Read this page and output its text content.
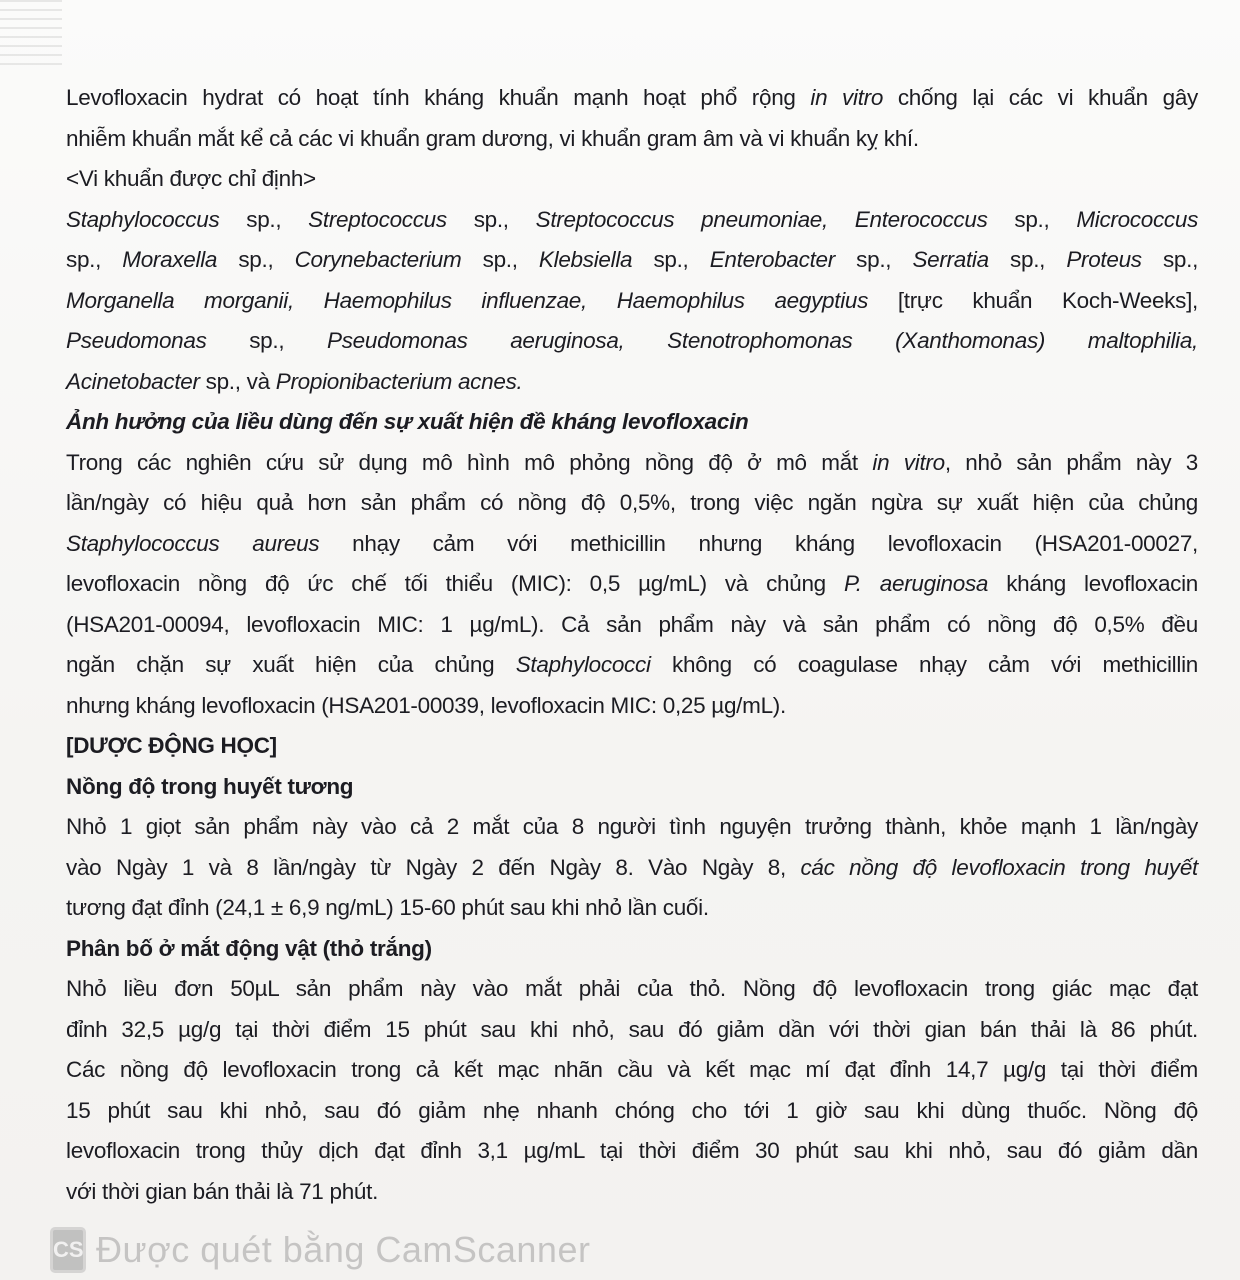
Levofloxacin hydrat có hoạt tính kháng khuẩn mạnh hoạt phổ rộng in vitro chống lại các vi khuẩn gây
nhiễm khuẩn mắt kể cả các vi khuẩn gram dương, vi khuẩn gram âm và vi khuẩn kỵ khí.
<Vi khuẩn được chỉ định>
Staphylococcus sp., Streptococcus sp., Streptococcus pneumoniae, Enterococcus sp., Micrococcus
sp., Moraxella sp., Corynebacterium sp., Klebsiella sp., Enterobacter sp., Serratia sp., Proteus sp.,
Morganella morganii, Haemophilus influenzae, Haemophilus aegyptius [trực khuẩn Koch-Weeks],
Pseudomonas sp., Pseudomonas aeruginosa, Stenotrophomonas (Xanthomonas) maltophilia,
Acinetobacter sp., và Propionibacterium acnes.
Ảnh hưởng của liều dùng đến sự xuất hiện đề kháng levofloxacin
Trong các nghiên cứu sử dụng mô hình mô phỏng nồng độ ở mô mắt in vitro, nhỏ sản phẩm này 3
lần/ngày có hiệu quả hơn sản phẩm có nồng độ 0,5%, trong việc ngăn ngừa sự xuất hiện của chủng
Staphylococcus aureus nhạy cảm với methicillin nhưng kháng levofloxacin (HSA201-00027,
levofloxacin nồng độ ức chế tối thiểu (MIC): 0,5 µg/mL) và chủng P. aeruginosa kháng levofloxacin
(HSA201-00094, levofloxacin MIC: 1 µg/mL). Cả sản phẩm này và sản phẩm có nồng độ 0,5% đều
ngăn chặn sự xuất hiện của chủng Staphylococci không có coagulase nhạy cảm với methicillin
nhưng kháng levofloxacin (HSA201-00039, levofloxacin MIC: 0,25 µg/mL).
[DƯỢC ĐỘNG HỌC]
Nồng độ trong huyết tương
Nhỏ 1 giọt sản phẩm này vào cả 2 mắt của 8 người tình nguyện trưởng thành, khỏe mạnh 1 lần/ngày
vào Ngày 1 và 8 lần/ngày từ Ngày 2 đến Ngày 8. Vào Ngày 8, các nồng độ levofloxacin trong huyết
tương đạt đỉnh (24,1 ± 6,9 ng/mL) 15-60 phút sau khi nhỏ lần cuối.
Phân bố ở mắt động vật (thỏ trắng)
Nhỏ liều đơn 50µL sản phẩm này vào mắt phải của thỏ. Nồng độ levofloxacin trong giác mạc đạt
đỉnh 32,5 µg/g tại thời điểm 15 phút sau khi nhỏ, sau đó giảm dần với thời gian bán thải là 86 phút.
Các nồng độ levofloxacin trong cả kết mạc nhãn cầu và kết mạc mí đạt đỉnh 14,7 µg/g tại thời điểm
15 phút sau khi nhỏ, sau đó giảm nhẹ nhanh chóng cho tới 1 giờ sau khi dùng thuốc. Nồng độ
levofloxacin trong thủy dịch đạt đỉnh 3,1 µg/mL tại thời điểm 30 phút sau khi nhỏ, sau đó giảm dần
với thời gian bán thải là 71 phút.
CS Được quét bằng CamScanner
